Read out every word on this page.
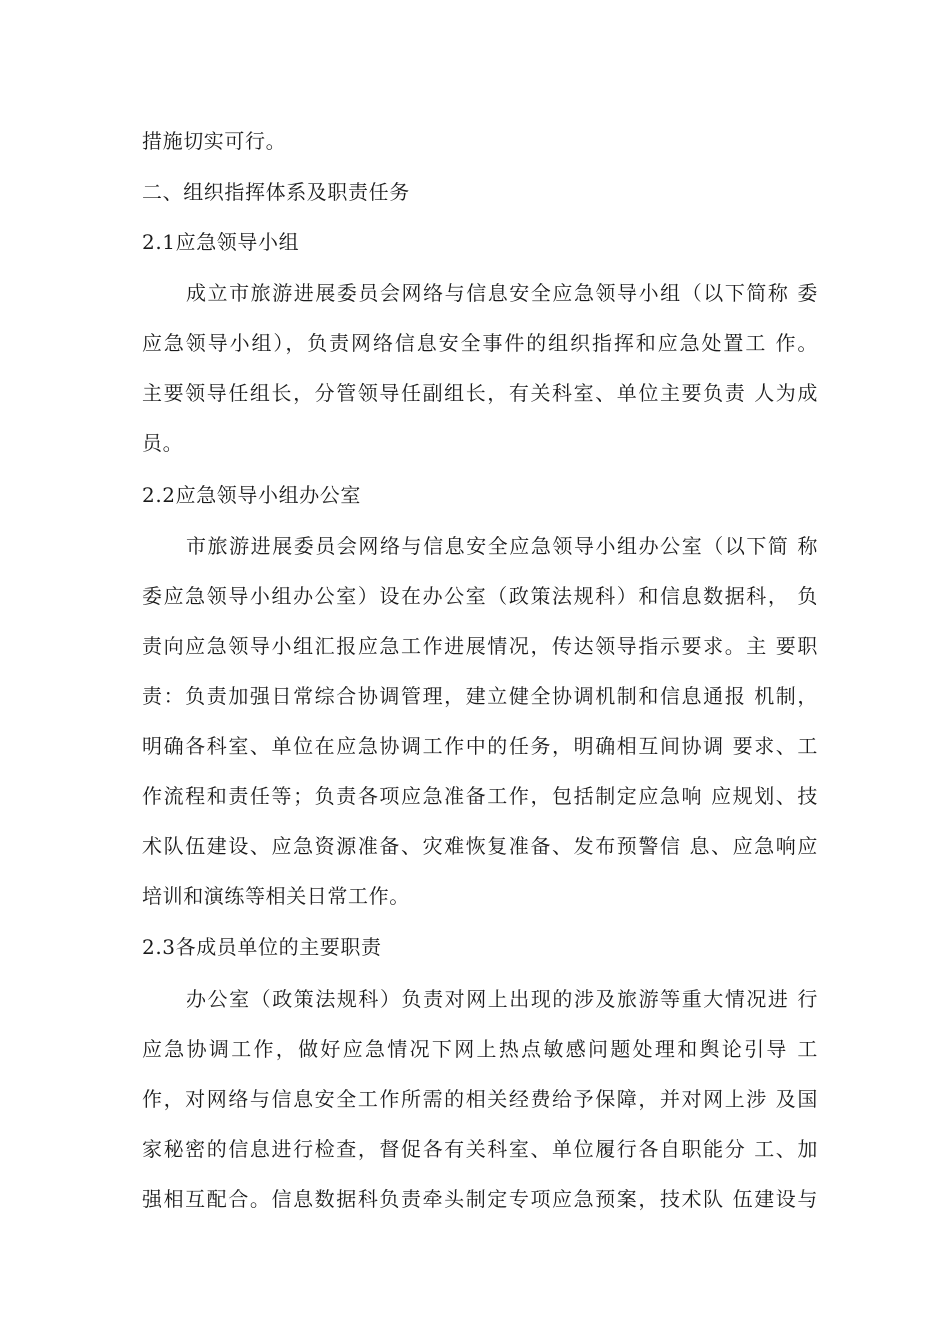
措施切实可行。
二、组织指挥体系及职责任务
2.1应急领导小组
成立市旅游进展委员会网络与信息安全应急领导小组（以下简称 委
应急领导小组），负责网络信息安全事件的组织指挥和应急处置工 作。
主要领导任组长，分管领导任副组长，有关科室、单位主要负责 人为成
员。
2.2应急领导小组办公室
市旅游进展委员会网络与信息安全应急领导小组办公室（以下简 称
委应急领导小组办公室）设在办公室（政策法规科）和信息数据科， 负
责向应急领导小组汇报应急工作进展情况，传达领导指示要求。主 要职
责：负责加强日常综合协调管理，建立健全协调机制和信息通报 机制，
明确各科室、单位在应急协调工作中的任务，明确相互间协调 要求、工
作流程和责任等；负责各项应急准备工作，包括制定应急响 应规划、技
术队伍建设、应急资源准备、灾难恢复准备、发布预警信 息、应急响应
培训和演练等相关日常工作。
2.3各成员单位的主要职责
办公室（政策法规科）负责对网上出现的涉及旅游等重大情况进 行
应急协调工作，做好应急情况下网上热点敏感问题处理和舆论引导 工
作，对网络与信息安全工作所需的相关经费给予保障，并对网上涉 及国
家秘密的信息进行检查，督促各有关科室、单位履行各自职能分 工、加
强相互配合。信息数据科负责牵头制定专项应急预案，技术队 伍建设与
